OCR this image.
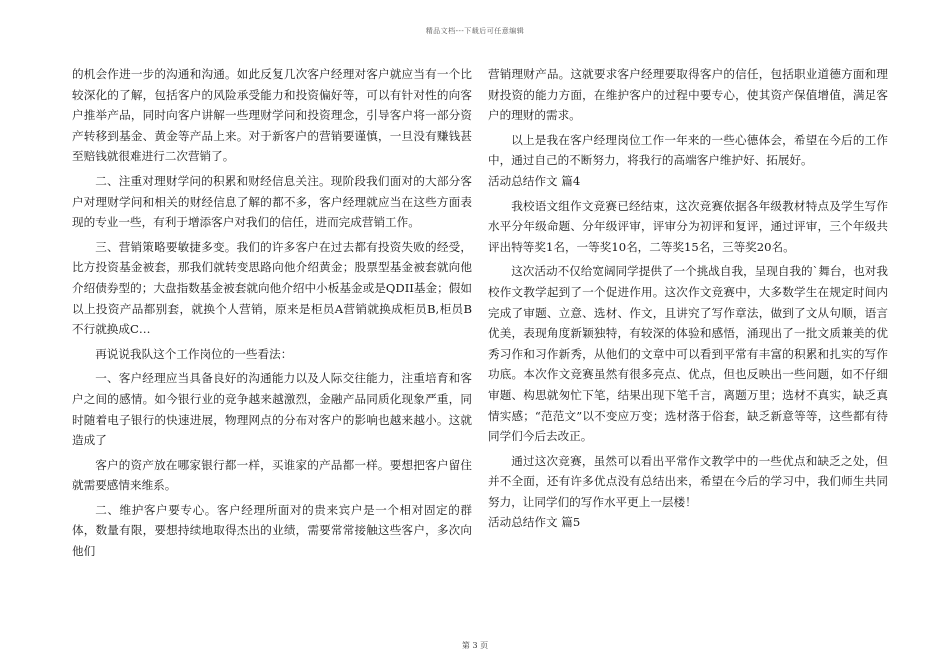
精品文档---下载后可任意编辑

的机会作进一步的沟通和沟通。如此反复几次客户经理对客户就应当有一个比较深化的了解，包括客户的风险承受能力和投资偏好等，可以有针对性的向客户推举产品，同时向客户讲解一些理财学问和投资理念，引导客户将一部分资产转移到基金、黄金等产品上来。对于新客户的营销要谨慎，一旦没有赚钱甚至赔钱就很难进行二次营销了。

二、注重对理财学问的积累和财经信息关注。现阶段我们面对的大部分客户对理财学问和相关的财经信息了解的都不多，客户经理就应当在这些方面表现的专业一些，有利于增添客户对我们的信任，进而完成营销工作。

三、营销策略要敏捷多变。我们的许多客户在过去都有投资失败的经受，比方投资基金被套，那我们就转变思路向他介绍黄金；股票型基金被套就向他介绍债券型的；大盘指数基金被套就向他介绍中小板基金或是QDII基金；假如以上投资产品都别套，就换个人营销，原来是柜员A营销就换成柜员B,柜员B不行就换成C…

再说说我队这个工作岗位的一些看法：

一、客户经理应当具备良好的沟通能力以及人际交往能力，注重培育和客户之间的感情。如今银行业的竞争越来越激烈，金融产品同质化现象严重，同时随着电子银行的快速进展，物理网点的分布对客户的影响也越来越小。这就造成了

客户的资产放在哪家银行都一样，买谁家的产品都一样。要想把客户留住就需要感情来维系。

二、维护客户要专心。客户经理所面对的贵来宾户是一个相对固定的群体，数量有限，要想持续地取得杰出的业绩，需要常常接触这些客户，多次向他们

营销理财产品。这就要求客户经理要取得客户的信任，包括职业道德方面和理财投资的能力方面，在维护客户的过程中要专心，使其资产保值增值，满足客户的理财的需求。

以上是我在客户经理岗位工作一年来的一些心德体会，希望在今后的工作中，通过自己的不断努力，将我行的高端客户维护好、拓展好。

活动总结作文 篇4

我校语文组作文竞赛已经结束，这次竞赛依据各年级教材特点及学生写作水平分年级命题、分年级评审，评审分为初评和复评，通过评审，三个年级共评出特等奖1名，一等奖10名，二等奖15名，三等奖20名。

这次活动不仅给宽阔同学提供了一个挑战自我，呈现自我的`舞台，也对我校作文教学起到了一个促进作用。这次作文竞赛中，大多数学生在规定时间内完成了审题、立意、选材、作文，且讲究了写作章法，做到了文从句顺，语言优美，表现角度新颖独特，有较深的体验和感悟，涌现出了一批文质兼美的优秀习作和习作新秀，从他们的文章中可以看到平常有丰富的积累和扎实的写作功底。本次作文竞赛虽然有很多亮点、优点，但也反映出一些问题，如不仔细审题、构思就匆忙下笔，结果出现下笔千言，离题万里；选材不真实，缺乏真情实感；“范范文”以不变应万变；选材落于俗套，缺乏新意等等，这些都有待同学们今后去改正。

通过这次竞赛，虽然可以看出平常作文教学中的一些优点和缺乏之处，但并不全面，还有许多优点没有总结出来，希望在今后的学习中，我们师生共同努力，让同学们的写作水平更上一层楼！

活动总结作文 篇5

第 3 页
